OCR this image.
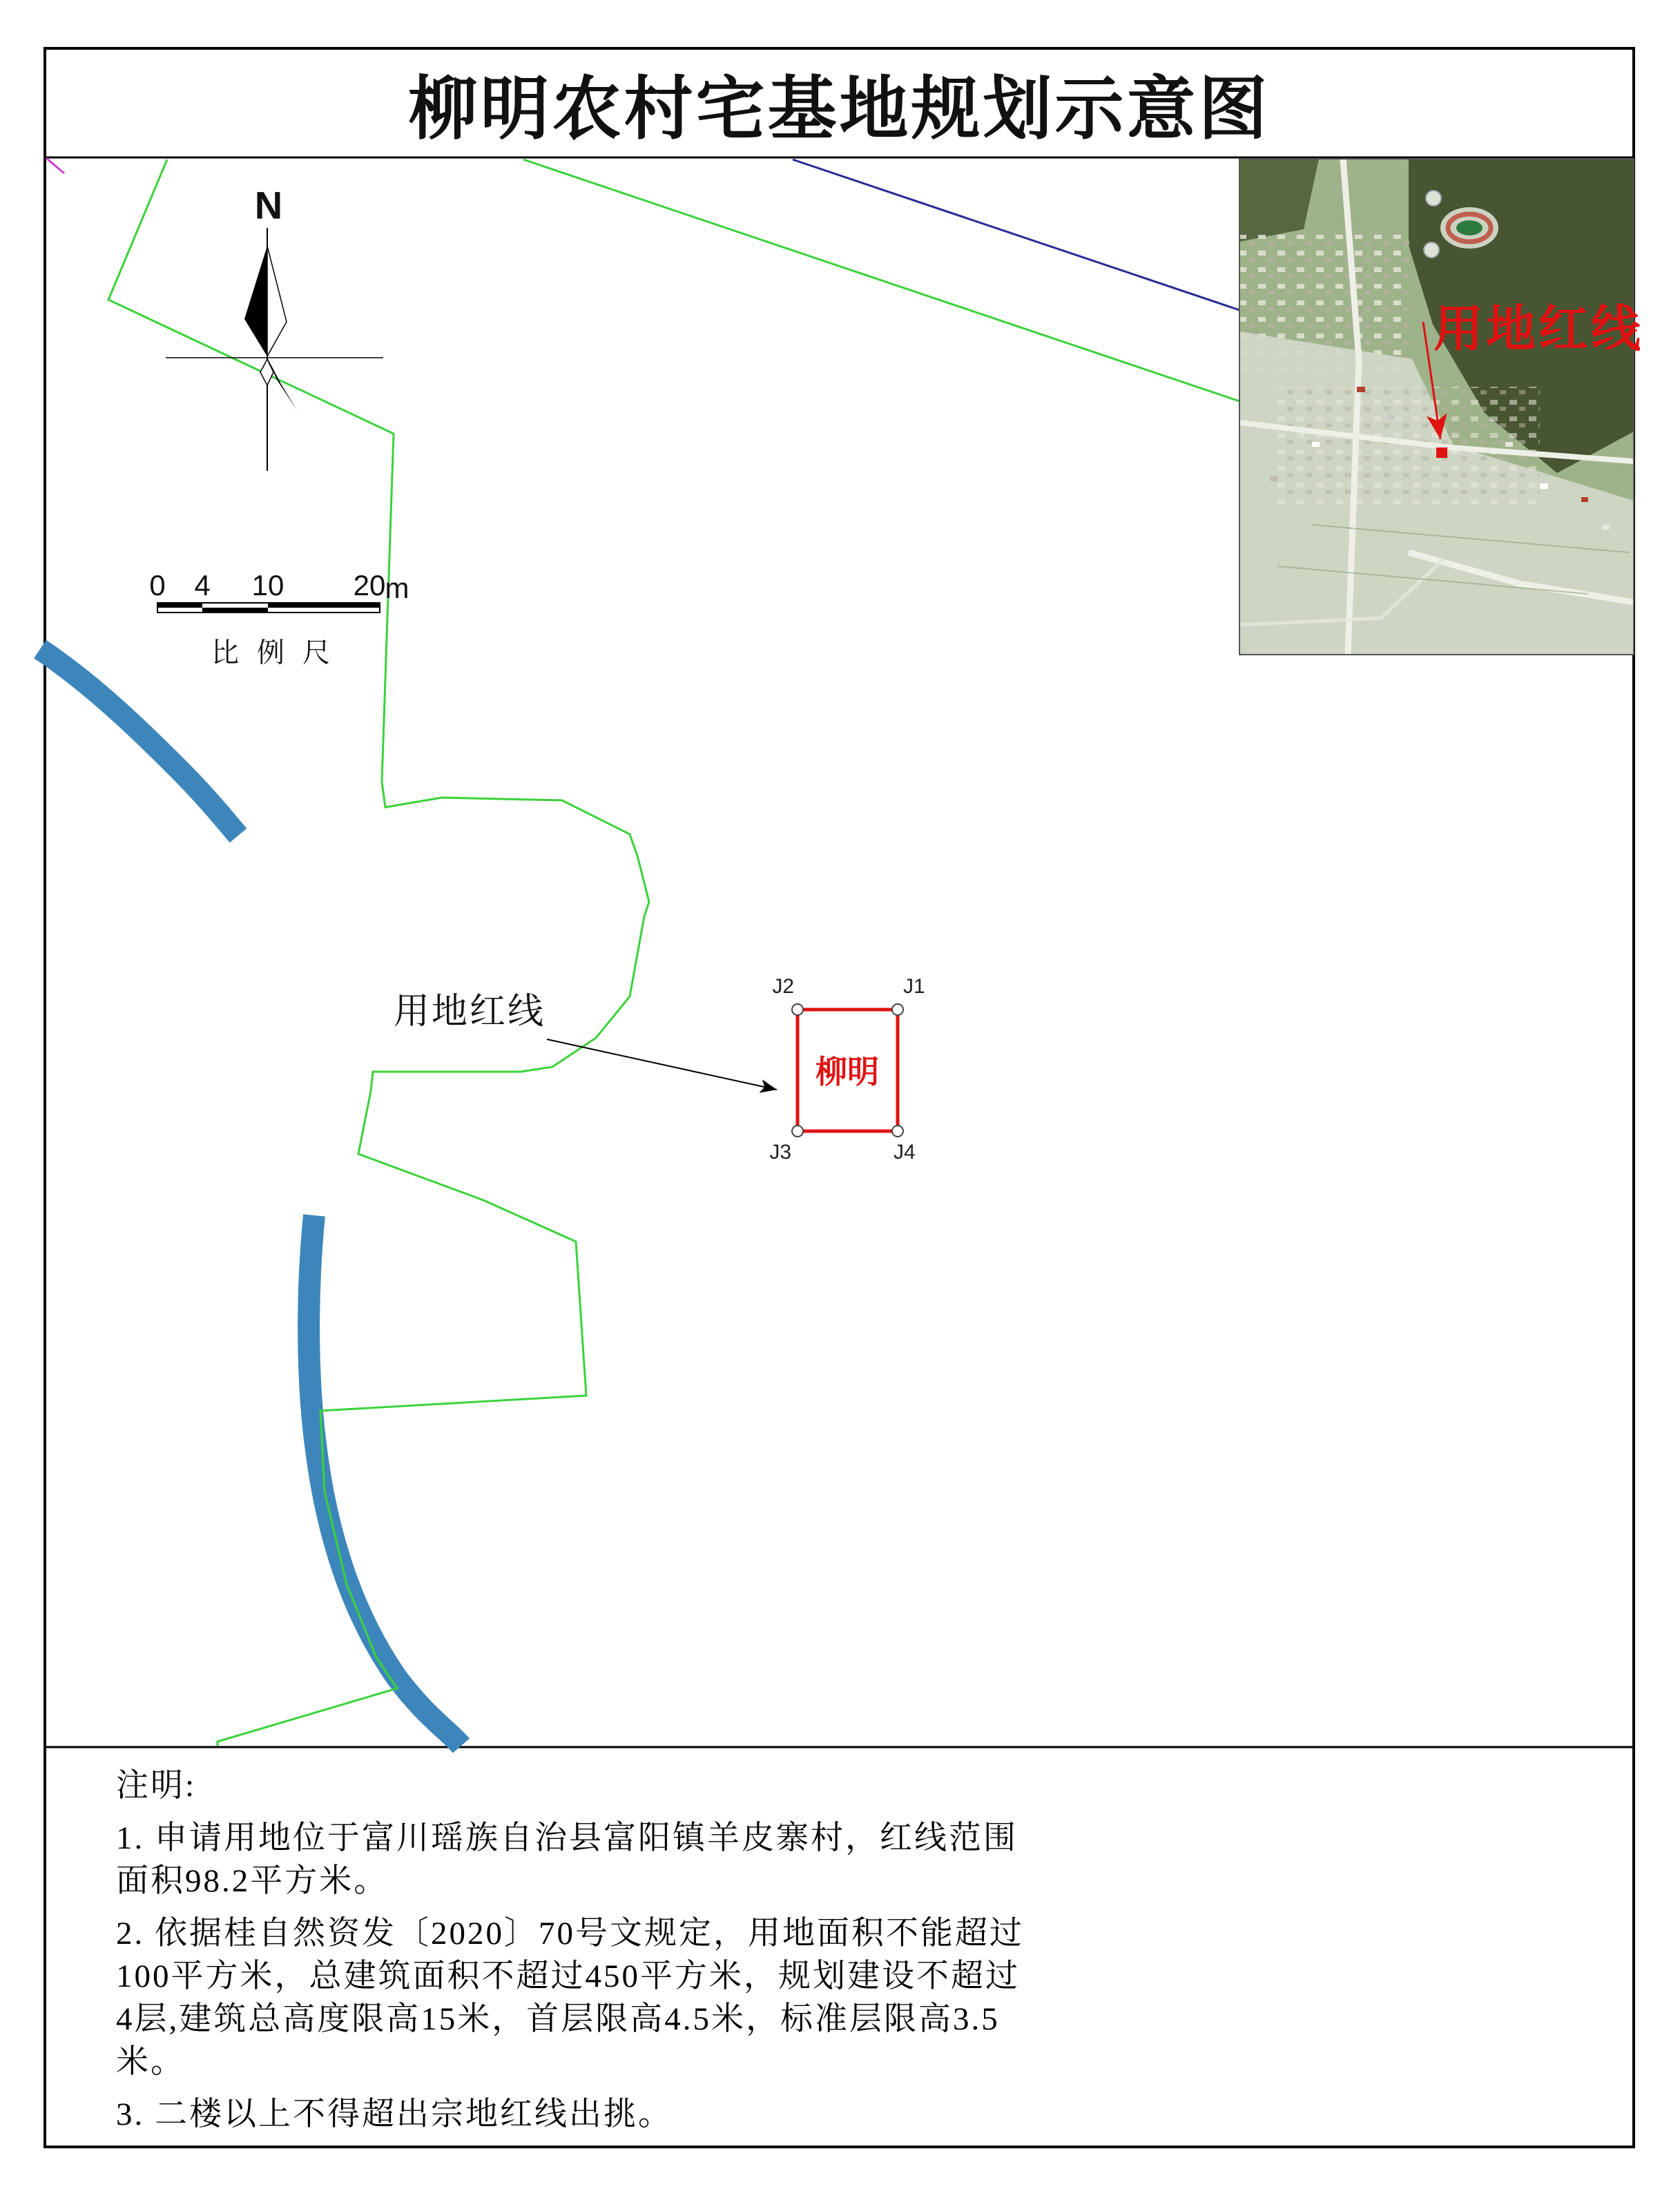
柳明农村宅基地规划示意图
N
0 4 10 20 m
比例尺
用地红线
J2	J1
J3	J4
柳明
用地红线
注明:
1. 申请用地位于富川瑶族自治县富阳镇羊皮寨村，红线范围
面积98.2平方米。
2. 依据桂自然资发〔2020〕70号文规定，用地面积不能超过
100平方米，总建筑面积不超过450平方米，规划建设不超过
4层,建筑总高度限高15米，首层限高4.5米，标准层限高3.5
米。
3. 二楼以上不得超出宗地红线出挑。
